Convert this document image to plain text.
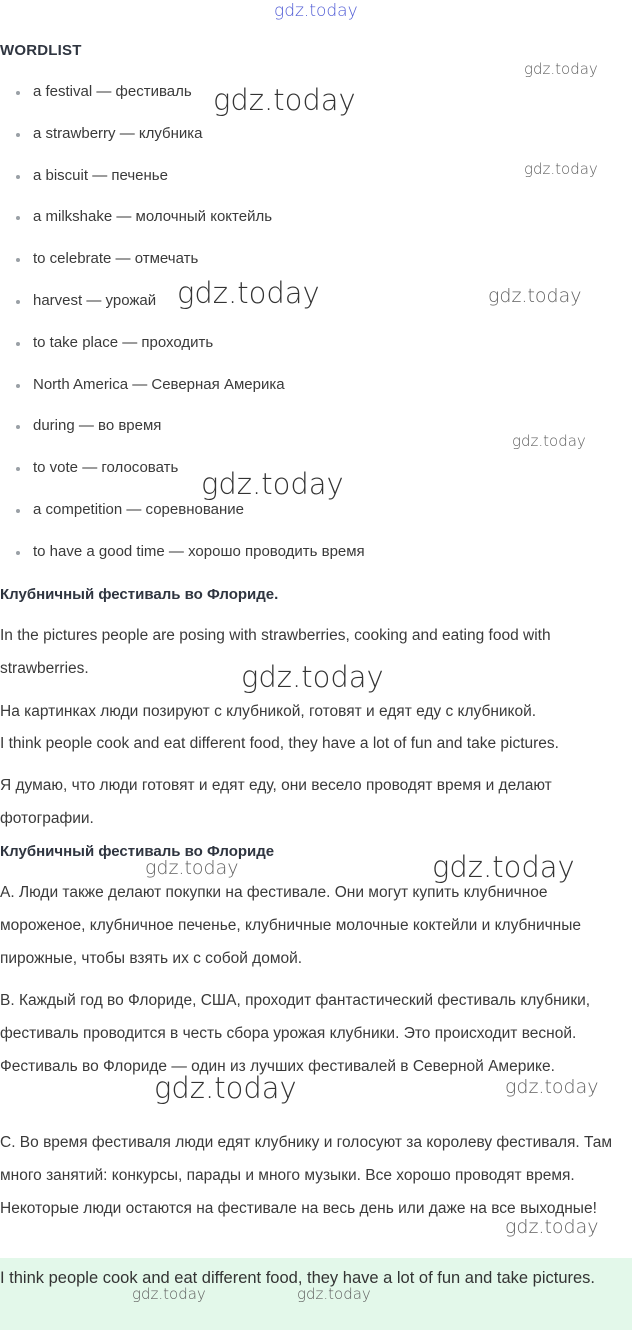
gdz.today
WORDLIST
a festival — фестиваль
a strawberry — клубника
a biscuit — печенье
a milkshake — молочный коктейль
to celebrate — отмечать
harvest — урожай
to take place — проходить
North America — Северная Америка
during — во время
to vote — голосовать
a competition — соревнование
to have a good time — хорошо проводить время

Клубничный фестиваль во Флориде.

In the pictures people are posing with strawberries, cooking and eating food with strawberries.

На картинках люди позируют с клубникой, готовят и едят еду с клубникой.

I think people cook and eat different food, they have a lot of fun and take pictures.

Я думаю, что люди готовят и едят еду, они весело проводят время и делают фотографии.

Клубничный фестиваль во Флориде

А. Люди также делают покупки на фестивале. Они могут купить клубничное мороженое, клубничное печенье, клубничные молочные коктейли и клубничные пирожные, чтобы взять их с собой домой.

B. Каждый год во Флориде, США, проходит фантастический фестиваль клубники, фестиваль проводится в честь сбора урожая клубники. Это происходит весной. Фестиваль во Флориде — один из лучших фестивалей в Северной Америке.

C. Во время фестиваля люди едят клубнику и голосуют за королеву фестиваля. Там много занятий: конкурсы, парады и много музыки. Все хорошо проводят время. Некоторые люди остаются на фестивале на весь день или даже на все выходные!

I think people cook and eat different food, they have a lot of fun and take pictures.

gdz.today
gdz.today
gdz.today
gdz.today	gdz.today
gdz.today
gdz.today
gdz.today
gdz.today	gdz.today
gdz.today	gdz.today
gdz.today
gdz.today	gdz.today
